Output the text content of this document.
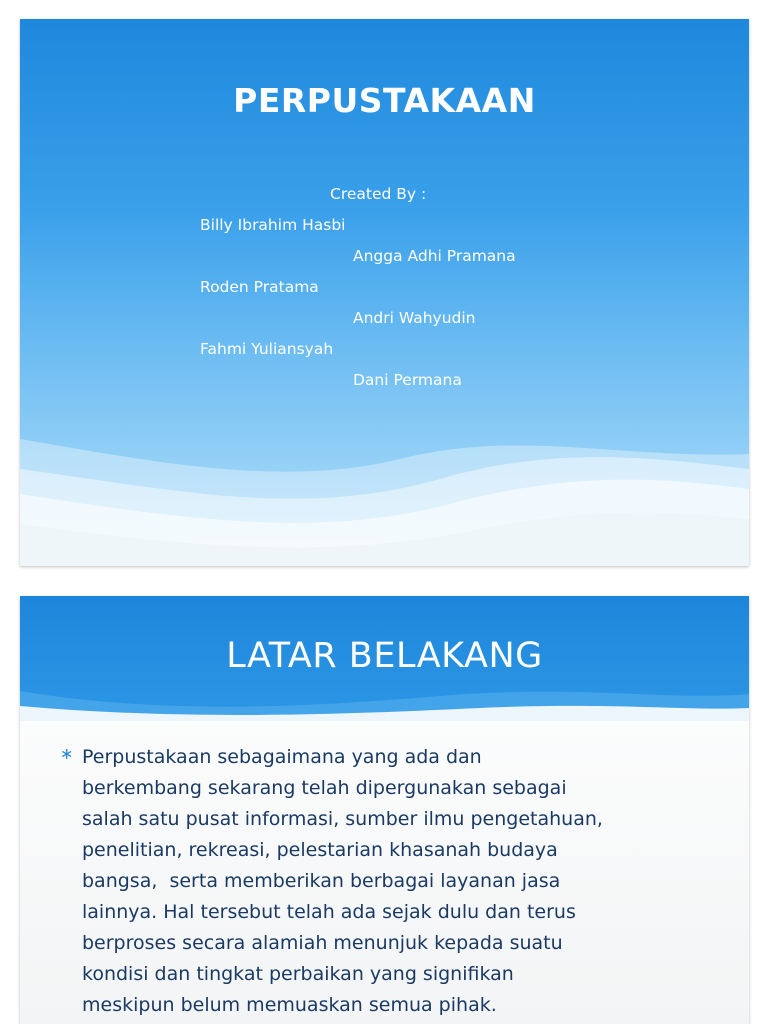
PERPUSTAKAAN
Created By :
Billy Ibrahim Hasbi
Angga Adhi Pramana
Roden Pratama
Andri Wahyudin
Fahmi Yuliansyah
Dani Permana
LATAR BELAKANG
∗ Perpustakaan sebagaimana yang ada dan
berkembang sekarang telah dipergunakan sebagai
salah satu pusat informasi, sumber ilmu pengetahuan,
penelitian, rekreasi, pelestarian khasanah budaya
bangsa,  serta memberikan berbagai layanan jasa
lainnya. Hal tersebut telah ada sejak dulu dan terus
berproses secara alamiah menunjuk kepada suatu
kondisi dan tingkat perbaikan yang signifikan
meskipun belum memuaskan semua pihak.
